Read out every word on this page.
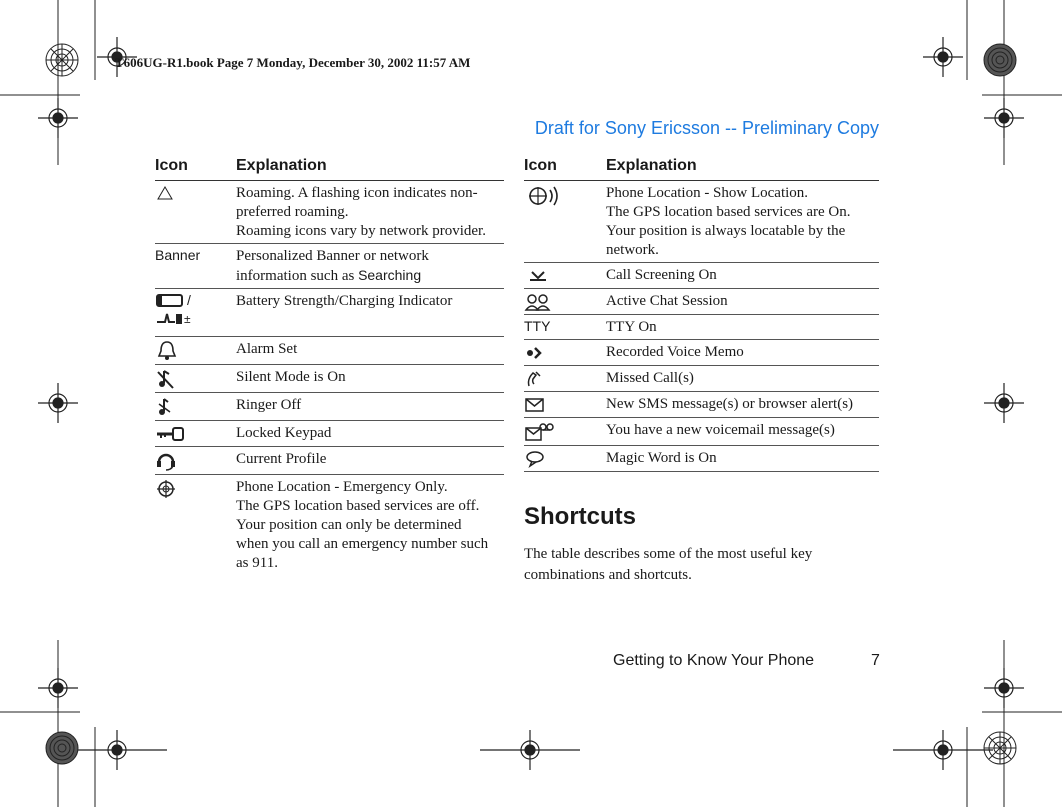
T606UG-R1.book Page 7 Monday, December 30, 2002 11:57 AM
Draft for Sony Ericsson -- Preliminary Copy
Icon	Explanation
Roaming. A flashing icon indicates non-
preferred roaming.
Roaming icons vary by network provider.
Banner	Personalized Banner or network
information such as Searching
/
±
Battery Strength/Charging Indicator
Alarm Set
Silent Mode is On
Ringer Off
Locked Keypad
Current Profile
Phone Location - Emergency Only.
The GPS location based services are off.
Your position can only be determined
when you call an emergency number such
as 911.
Icon	Explanation
Phone Location - Show Location.
The GPS location based services are On.
Your position is always locatable by the
network.
Call Screening On
Active Chat Session
TTY	TTY On
Recorded Voice Memo
Missed Call(s)
New SMS message(s) or browser alert(s)
You have a new voicemail message(s)
Magic Word is On
Shortcuts
The table describes some of the most useful key combinations and shortcuts.
Getting to Know Your Phone	7
